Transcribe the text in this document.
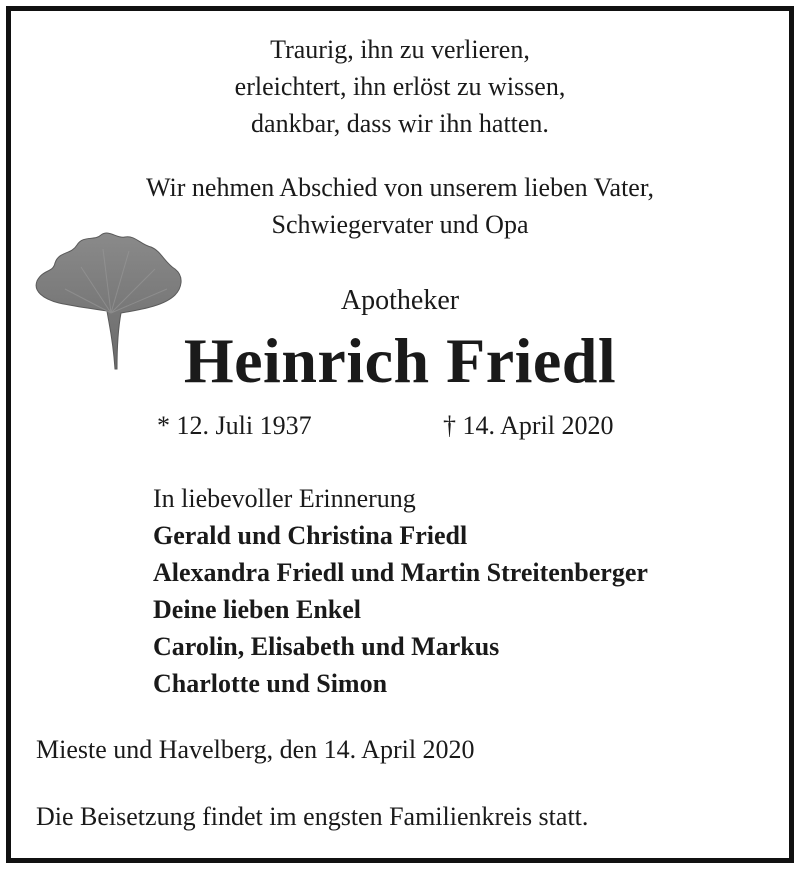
Traurig, ihn zu verlieren,
erleichtert, ihn erlöst zu wissen,
dankbar, dass wir ihn hatten.
Wir nehmen Abschied von unserem lieben Vater,
Schwiegervater und Opa
Apotheker
Heinrich Friedl
* 12. Juli 1937	† 14. April 2020
In liebevoller Erinnerung
Gerald und Christina Friedl
Alexandra Friedl und Martin Streitenberger
Deine lieben Enkel
Carolin, Elisabeth und Markus
Charlotte und Simon
Mieste und Havelberg, den 14. April 2020
Die Beisetzung findet im engsten Familienkreis statt.
